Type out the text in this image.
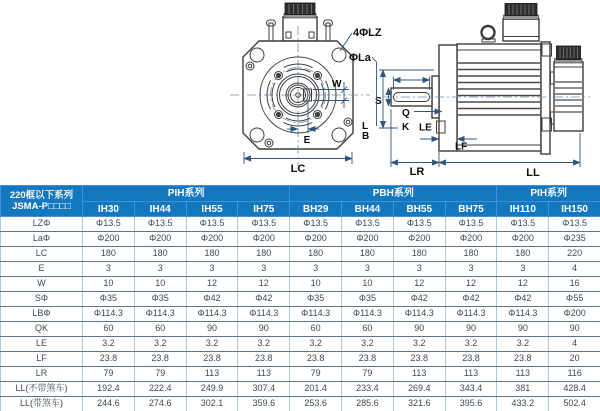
E
W
LC
4ΦLZ
S
ΦLa
L
B
Q
K LE
LF
LR	LL
220框以下系列
JSMA-P□□□□	PIH系列				PBH系列				PIH系列	
	IH30	IH44	IH55	IH75	BH29	BH44	BH55	BH75	IH110	IH150
LZΦ	Φ13.5	Φ13.5	Φ13.5	Φ13.5	Φ13.5	Φ13.5	Φ13.5	Φ13.5	Φ13.5	Φ13.5
LaΦ	Φ200	Φ200	Φ200	Φ200	Φ200	Φ200	Φ200	Φ200	Φ200	Φ235
LC	180	180	180	180	180	180	180	180	180	220
E	3	3	3	3	3	3	3	3	3	4
W	10	10	12	12	10	10	12	12	12	16
SΦ	Φ35	Φ35	Φ42	Φ42	Φ35	Φ35	Φ42	Φ42	Φ42	Φ55
LBΦ	Φ114.3	Φ114.3	Φ114.3	Φ114.3	Φ114.3	Φ114.3	Φ114.3	Φ114.3	Φ114.3	Φ200
QK	60	60	90	90	60	60	90	90	90	90
LE	3.2	3.2	3.2	3.2	3.2	3.2	3.2	3.2	3.2	4
LF	23.8	23.8	23.8	23.8	23.8	23.8	23.8	23.8	23.8	20
LR	79	79	113	113	79	79	113	113	113	116
LL(不带煞车)	192.4	222.4	249.9	307.4	201.4	233.4	269.4	343.4	381	428.4
LL(带煞车)	244.6	274.6	302.1	359.6	253.6	285.6	321.6	395.6	433.2	502.4
